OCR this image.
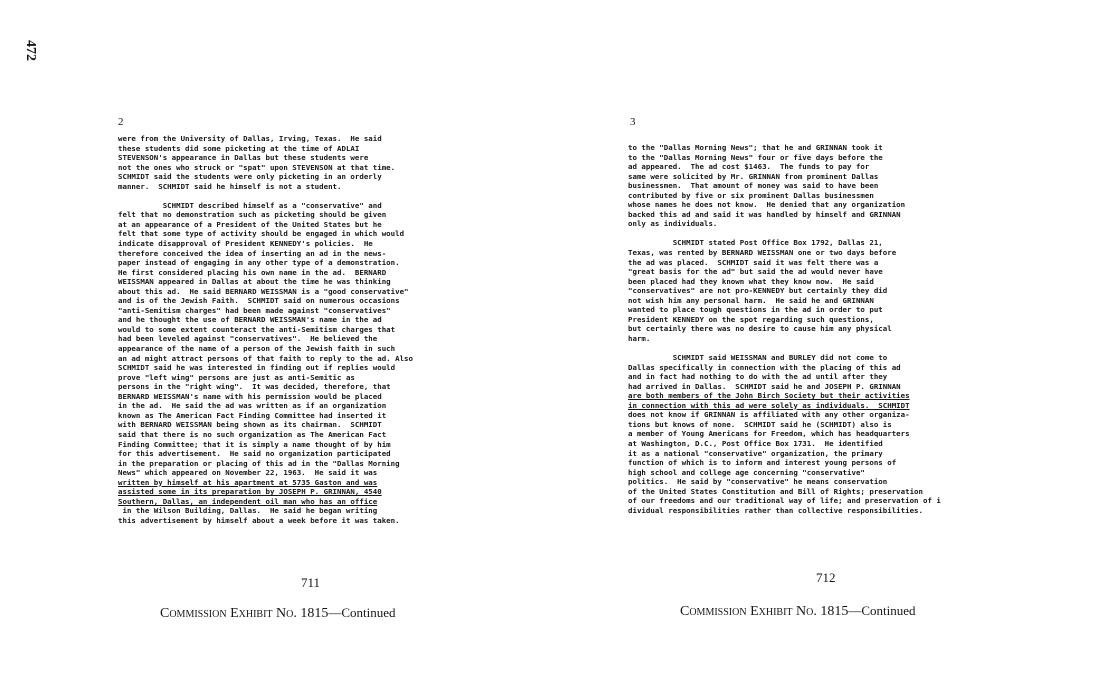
472
2
were from the University of Dallas, Irving, Texas.  He said
these students did some picketing at the time of ADLAI
STEVENSON's appearance in Dallas but these students were
not the ones who struck or "spat" upon STEVENSON at that time.
SCHMIDT said the students were only picketing in an orderly
manner.  SCHMIDT said he himself is not a student.
SCHMIDT described himself as a "conservative" and
felt that no demonstration such as picketing should be given
at an appearance of a President of the United States but he
felt that some type of activity should be engaged in which would
indicate disapproval of President KENNEDY's policies.  He
therefore conceived the idea of inserting an ad in the news-
paper instead of engaging in any other type of a demonstration.
He first considered placing his own name in the ad.  BERNARD
WEISSMAN appeared in Dallas at about the time he was thinking
about this ad.  He said BERNARD WEISSMAN is a "good conservative"
and is of the Jewish Faith.  SCHMIDT said on numerous occasions
"anti-Semitism charges" had been made against "conservatives"
and he thought the use of BERNARD WEISSMAN's name in the ad
would to some extent counteract the anti-Semitism charges that
had been leveled against "conservatives".  He believed the
appearance of the name of a person of the Jewish faith in such
an ad might attract persons of that faith to reply to the ad. Also
SCHMIDT said he was interested in finding out if replies would
prove "left wing" persons are just as anti-Semitic as
persons in the "right wing".  It was decided, therefore, that
BERNARD WEISSMAN's name with his permission would be placed
in the ad.  He said the ad was written as if an organization
known as The American Fact Finding Committee had inserted it
with BERNARD WEISSMAN being shown as its chairman.  SCHMIDT
said that there is no such organization as The American Fact
Finding Committee; that it is simply a name thought of by him
for this advertisement.  He said no organization participated
in the preparation or placing of this ad in the "Dallas Morning
News" which appeared on November 22, 1963.  He said it was
written by himself at his apartment at 5735 Gaston and was
assisted some in its preparation by JOSEPH P. GRINNAN, 4540
Southern, Dallas, an independent oil man who has an office
in the Wilson Building, Dallas.  He said he began writing
this advertisement by himself about a week before it was taken.
711
Commission Exhibit No. 1815—Continued
3
to the "Dallas Morning News"; that he and GRINNAN took it
to the "Dallas Morning News" four or five days before the
ad appeared.  The ad cost $1463.  The funds to pay for
same were solicited by Mr. GRINNAN from prominent Dallas
businessmen.  That amount of money was said to have been
contributed by five or six prominent Dallas businessmen
whose names he does not know.  He denied that any organization
backed this ad and said it was handled by himself and GRINNAN
only as individuals.
SCHMIDT stated Post Office Box 1792, Dallas 21,
Texas, was rented by BERNARD WEISSMAN one or two days before
the ad was placed.  SCHMIDT said it was felt there was a
"great basis for the ad" but said the ad would never have
been placed had they known what they know now.  He said
"conservatives" are not pro-KENNEDY but certainly they did
not wish him any personal harm.  He said he and GRINNAN
wanted to place tough questions in the ad in order to put
President KENNEDY on the spot regarding such questions,
but certainly there was no desire to cause him any physical
harm.
SCHMIDT said WEISSMAN and BURLEY did not come to
Dallas specifically in connection with the placing of this ad
and in fact had nothing to do with the ad until after they
had arrived in Dallas.  SCHMIDT said he and JOSEPH P. GRINNAN
are both members of the John Birch Society but their activities
in connection with this ad were solely as individuals.  SCHMIDT
does not know if GRINNAN is affiliated with any other organiza-
tions but knows of none.  SCHMIDT said he (SCHMIDT) also is
a member of Young Americans for Freedom, which has headquarters
at Washington, D.C., Post Office Box 1731.  He identified
it as a national "conservative" organization, the primary
function of which is to inform and interest young persons of
high school and college age concerning "conservative"
politics.  He said by "conservative" he means conservation
of the United States Constitution and Bill of Rights; preservation
of our freedoms and our traditional way of life; and preservation of i
dividual responsibilities rather than collective responsibilities.
712
Commission Exhibit No. 1815—Continued
